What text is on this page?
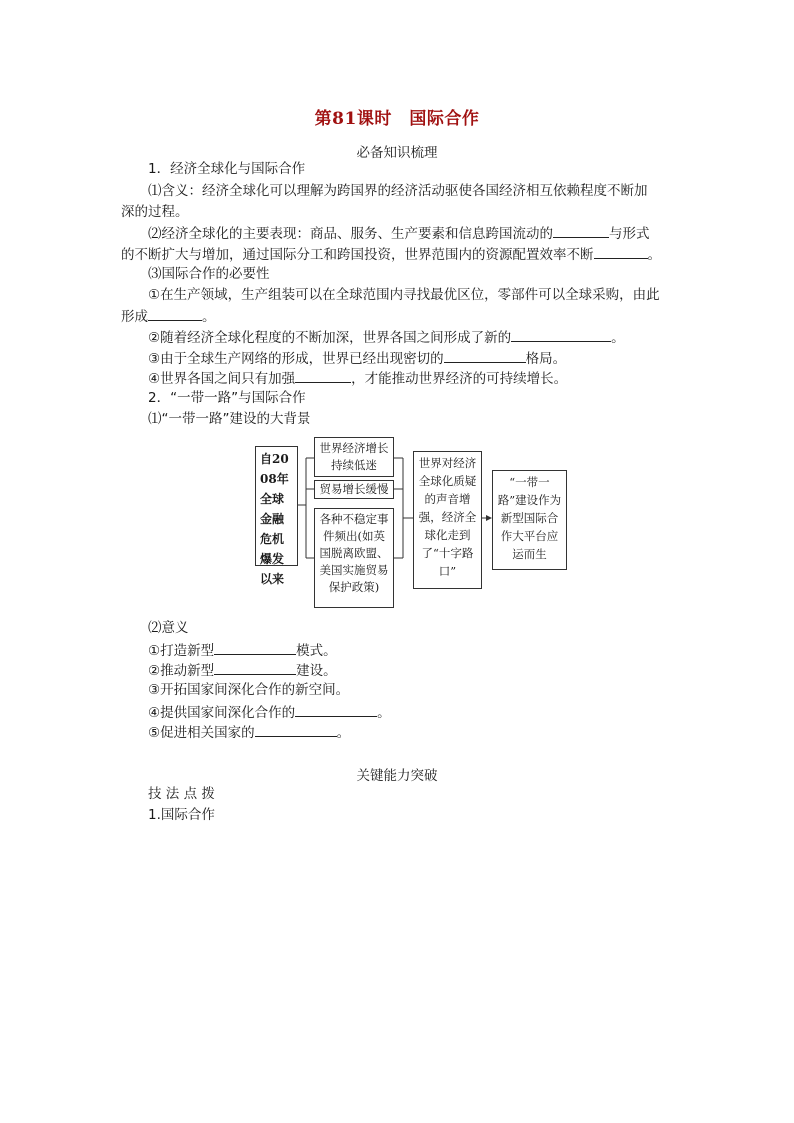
第81课时　国际合作
必备知识梳理
1．经济全球化与国际合作
⑴含义：经济全球化可以理解为跨国界的经济活动驱使各国经济相互依赖程度不断加
深的过程。
⑵经济全球化的主要表现：商品、服务、生产要素和信息跨国流动的	与形式
的不断扩大与增加，通过国际分工和跨国投资，世界范围内的资源配置效率不断	。
⑶国际合作的必要性
①在生产领域，生产组装可以在全球范围内寻找最优区位，零部件可以全球采购，由此
形成	。
②随着经济全球化程度的不断加深，世界各国之间形成了新的	。
③由于全球生产网络的形成，世界已经出现密切的	格局。
④世界各国之间只有加强	，才能推动世界经济的可持续增长。
2．“一带一路”与国际合作
⑴“一带一路”建设的大背景
自2008年全球金融危机爆发以来
世界经济增长持续低迷
贸易增长缓慢
各种不稳定事件频出(如英国脱离欧盟、美国实施贸易保护政策)
世界对经济全球化质疑的声音增强，经济全球化走到了“十字路口”
“一带一路”建设作为新型国际合作大平台应运而生
⑵意义
①打造新型	模式。
②推动新型	建设。
③开拓国家间深化合作的新空间。
④提供国家间深化合作的	。
⑤促进相关国家的	。
关键能力突破
技 法 点 拨
1.国际合作
